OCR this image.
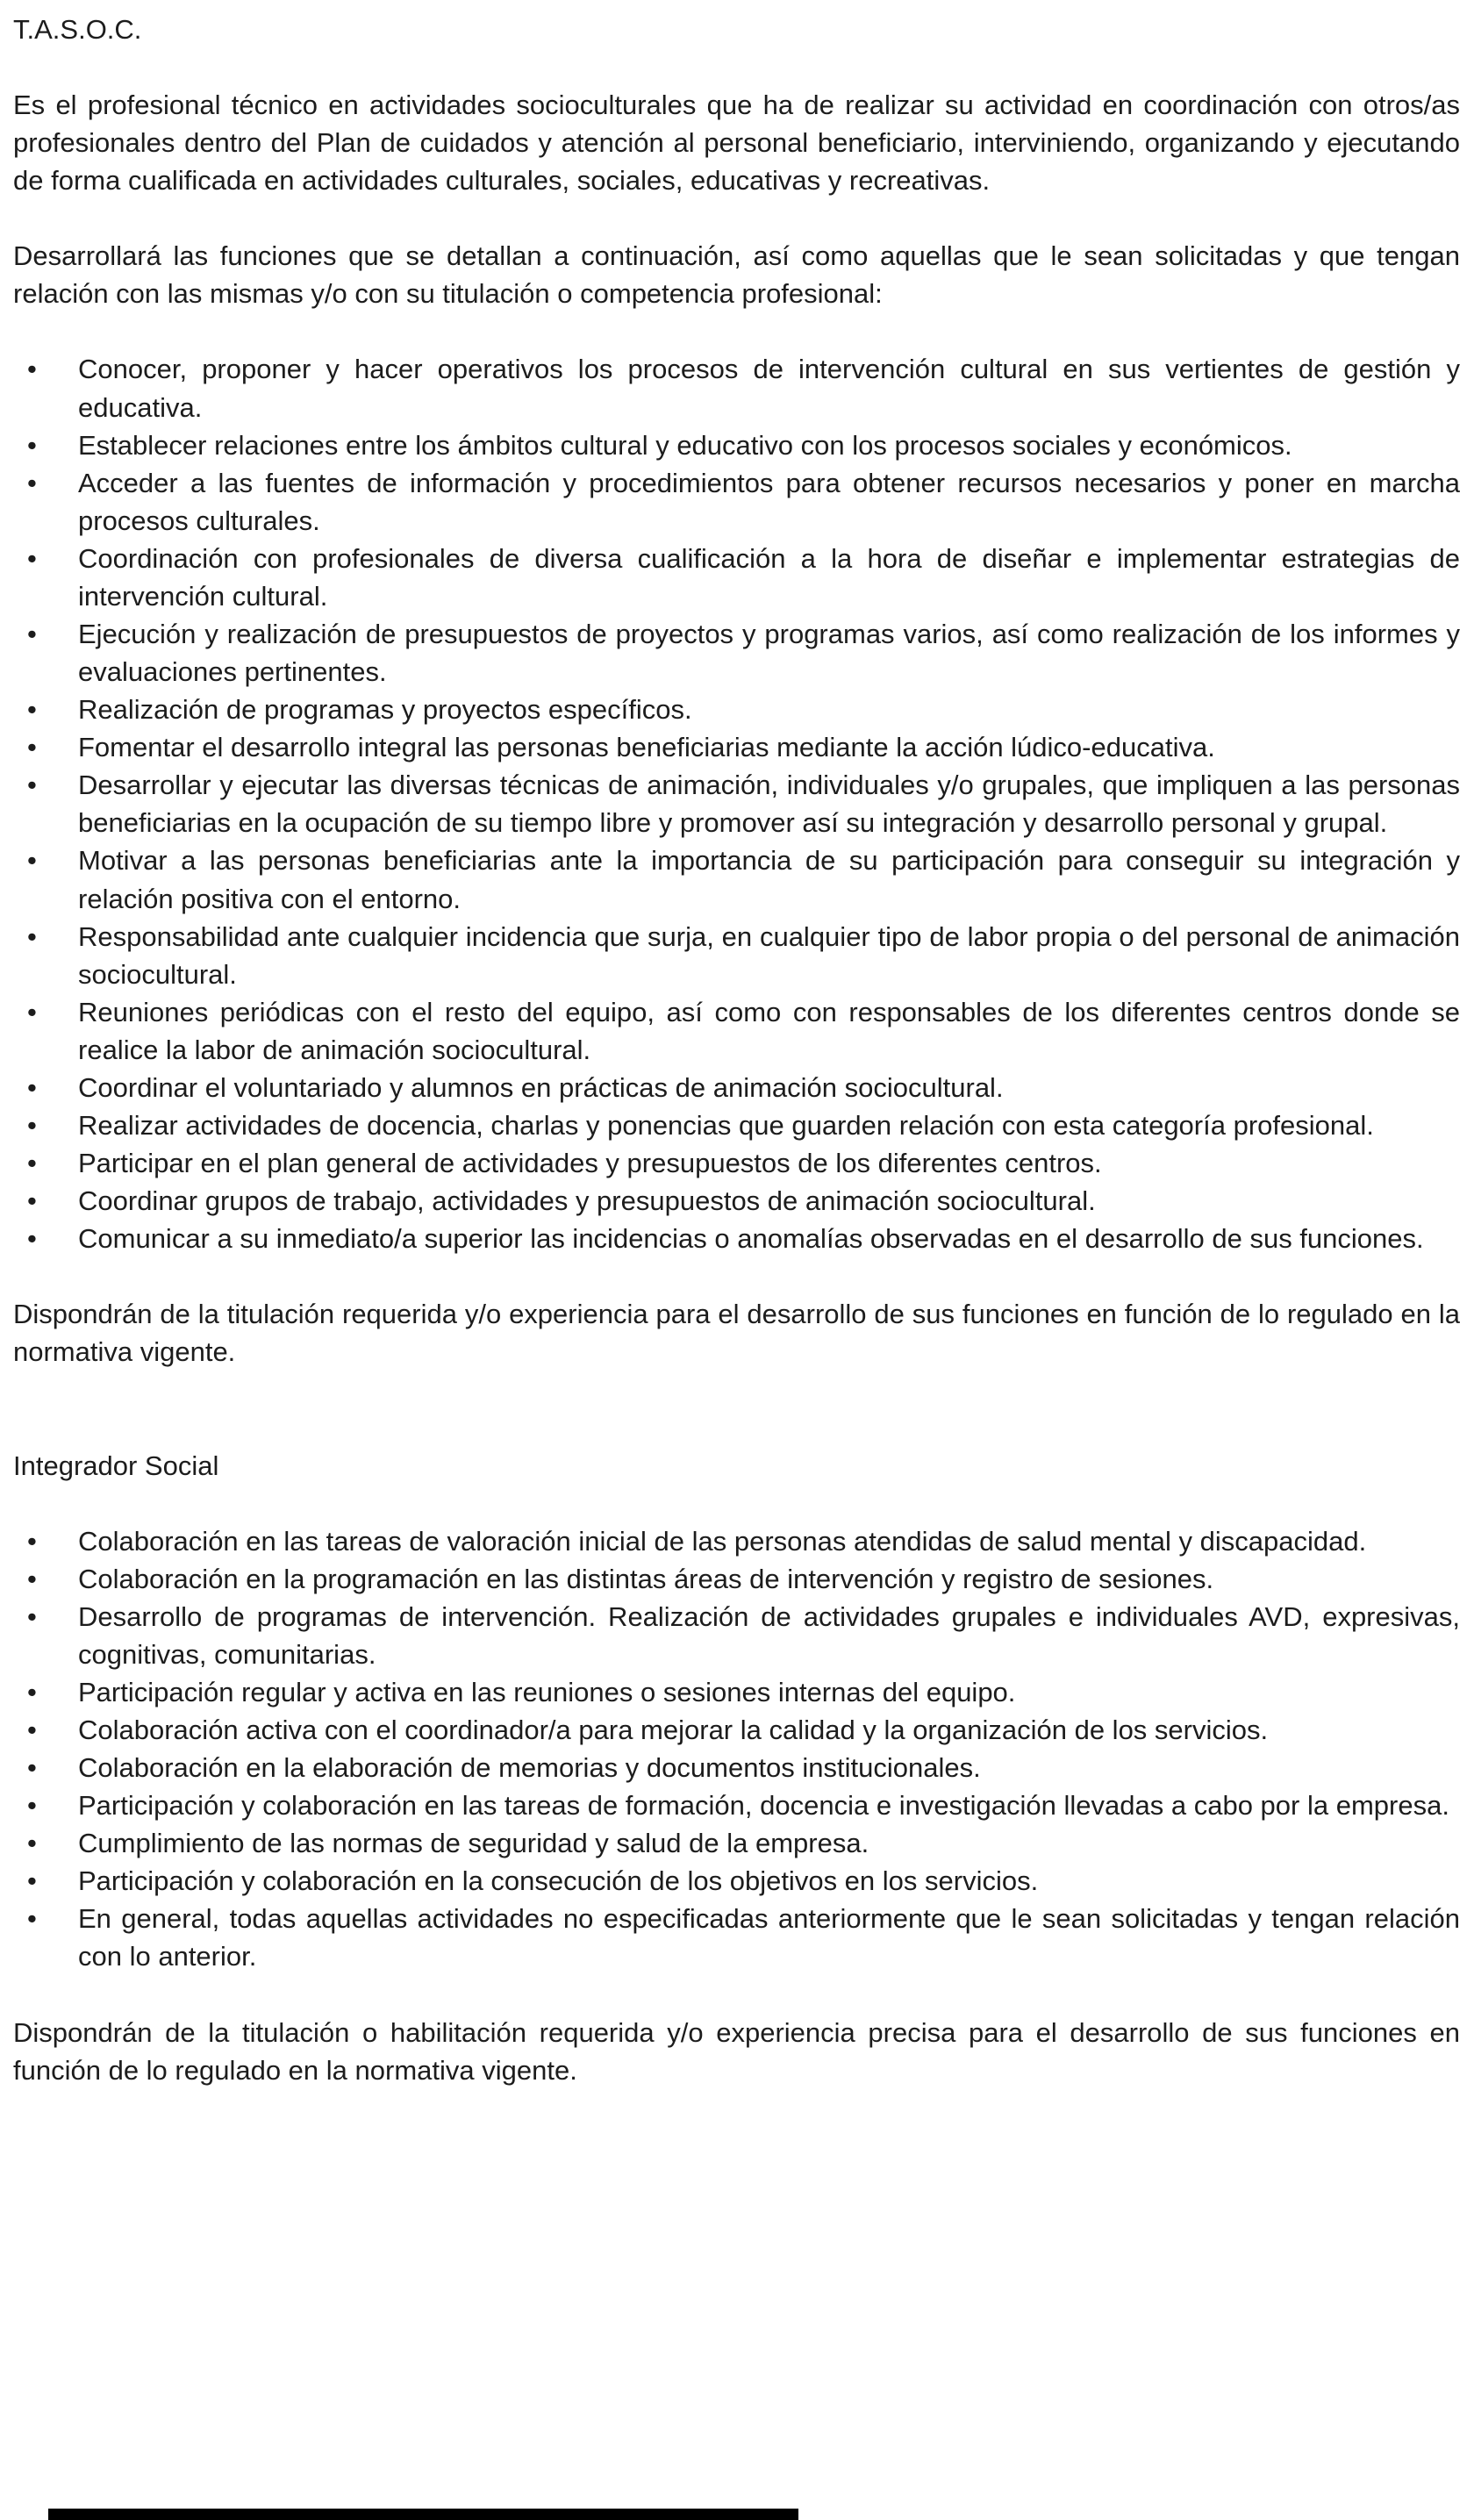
T.A.S.O.C.

Es el profesional técnico en actividades socioculturales que ha de realizar su actividad en coordinación con otros/as profesionales dentro del Plan de cuidados y atención al personal beneficiario, interviniendo, organizando y ejecutando de forma cualificada en actividades culturales, sociales, educativas y recreativas.

Desarrollará las funciones que se detallan a continuación, así como aquellas que le sean solicitadas y que tengan relación con las mismas y/o con su titulación o competencia profesional:

• Conocer, proponer y hacer operativos los procesos de intervención cultural en sus vertientes de gestión y educativa.
• Establecer relaciones entre los ámbitos cultural y educativo con los procesos sociales y económicos.
• Acceder a las fuentes de información y procedimientos para obtener recursos necesarios y poner en marcha procesos culturales.
• Coordinación con profesionales de diversa cualificación a la hora de diseñar e implementar estrategias de intervención cultural.
• Ejecución y realización de presupuestos de proyectos y programas varios, así como realización de los informes y evaluaciones pertinentes.
• Realización de programas y proyectos específicos.
• Fomentar el desarrollo integral las personas beneficiarias mediante la acción lúdico-educativa.
• Desarrollar y ejecutar las diversas técnicas de animación, individuales y/o grupales, que impliquen a las personas beneficiarias en la ocupación de su tiempo libre y promover así su integración y desarrollo personal y grupal.
• Motivar a las personas beneficiarias ante la importancia de su participación para conseguir su integración y relación positiva con el entorno.
• Responsabilidad ante cualquier incidencia que surja, en cualquier tipo de labor propia o del personal de animación sociocultural.
• Reuniones periódicas con el resto del equipo, así como con responsables de los diferentes centros donde se realice la labor de animación sociocultural.
• Coordinar el voluntariado y alumnos en prácticas de animación sociocultural.
• Realizar actividades de docencia, charlas y ponencias que guarden relación con esta categoría profesional.
• Participar en el plan general de actividades y presupuestos de los diferentes centros.
• Coordinar grupos de trabajo, actividades y presupuestos de animación sociocultural.
• Comunicar a su inmediato/a superior las incidencias o anomalías observadas en el desarrollo de sus funciones.

Dispondrán de la titulación requerida y/o experiencia para el desarrollo de sus funciones en función de lo regulado en la normativa vigente.

Integrador Social
• Colaboración en las tareas de valoración inicial de las personas atendidas de salud mental y discapacidad.
• Colaboración en la programación en las distintas áreas de intervención y registro de sesiones.
• Desarrollo de programas de intervención. Realización de actividades grupales e individuales AVD, expresivas, cognitivas, comunitarias.
• Participación regular y activa en las reuniones o sesiones internas del equipo.
• Colaboración activa con el coordinador/a para mejorar la calidad y la organización de los servicios.
• Colaboración en la elaboración de memorias y documentos institucionales.
• Participación y colaboración en las tareas de formación, docencia e investigación llevadas a cabo por la empresa.
• Cumplimiento de las normas de seguridad y salud de la empresa.
• Participación y colaboración en la consecución de los objetivos en los servicios.
• En general, todas aquellas actividades no especificadas anteriormente que le sean solicitadas y tengan relación con lo anterior.

Dispondrán de la titulación o habilitación requerida y/o experiencia precisa para el desarrollo de sus funciones en función de lo regulado en la normativa vigente.
